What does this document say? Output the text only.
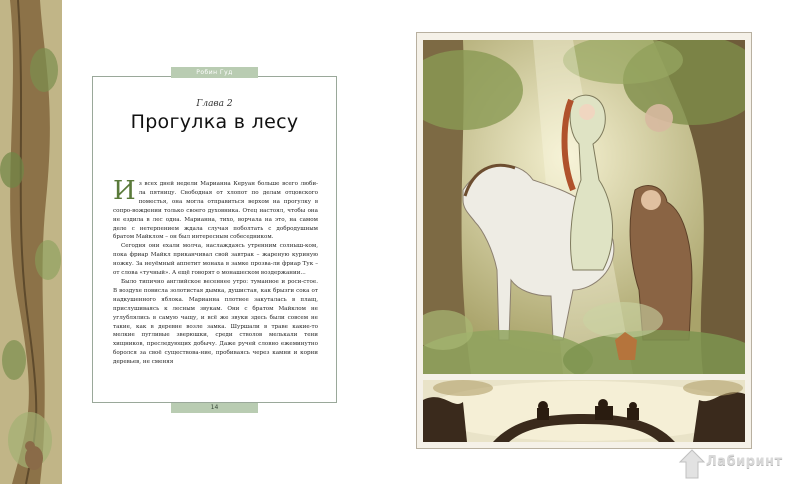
Робин Гуд
Глава 2
Прогулка в лесу

Из всех дней недели Марианна Керуан больше всего люби-ла пятницу. Свободная от хлопот по делам отцовского поместья, она могла отправиться верхом на прогулку в сопро-вождении только своего духовника. Отец настоял, чтобы она не ездила в лес одна. Марианна, тихо, ворчала на это, на самом деле с нетерпением ждала случая поболтать с добродушным братом Майклом – он был интересным собеседником.

Сегодня они ехали молча, наслаждаясь утренним солныш-ком, пока фриар Майкл приканчивал свой завтрак – жареную куриную ножку. За неуёмный аппетит монаха в замке прозва-ли фриар Тук – от слова «тучный». А ещё говорят о монашеском воздержании...

Было типично английское весеннее утро: туманное и роси-стое. В воздухе повисла золотистая дымка, душистая, как брызги сока от надкушенного яблока. Марианна плотнее закуталась в плащ, прислушиваясь к лесным звукам. Они с братом Майклом не углублялись в самую чащу, и всё же звуки здесь были совсем не такие, как в деревне возле замка. Шуршали в траве какие-то мелкие пугливые зверюшки, среди стволов мелькали тени хищников, преследующих добычу. Даже ручей словно ежеминутно боролся за своё существова-ние, пробиваясь через камни и корни деревьев, не сменяя

14
Лабиринт
